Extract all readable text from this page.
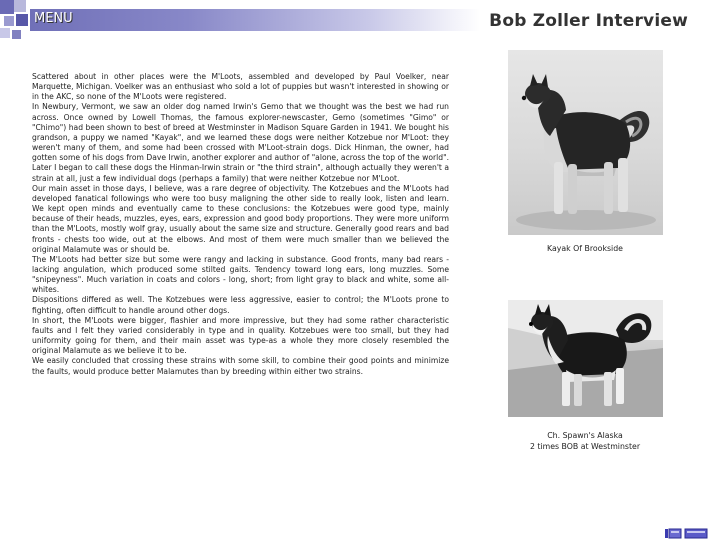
MENU	Bob Zoller Interview

Scattered about in other places were the M'Loots, assembled and developed by Paul Voelker, near Marquette, Michigan. Voelker was an enthusiast who sold a lot of puppies but wasn't interested in showing or in the AKC, so none of the M'Loots were registered.

In Newbury, Vermont, we saw an older dog named Irwin's Gemo that we thought was the best we had run across. Once owned by Lowell Thomas, the famous explorer-newscaster, Gemo (sometimes "Gimo" or "Chimo") had been shown to best of breed at Westminster in Madison Square Garden in 1941. We bought his grandson, a puppy we named "Kayak", and we learned these dogs were neither Kotzebue nor M'Loot: they weren't many of them, and some had been crossed with M'Loot-strain dogs. Dick Hinman, the owner, had gotten some of his dogs from Dave Irwin, another explorer and author of "alone, across the top of the world". Later I began to call these dogs the Hinman-Irwin strain or "the third strain", although actually they weren't a strain at all, just a few individual dogs (perhaps a family) that were neither Kotzebue nor M'Loot.

Our main asset in those days, I believe, was a rare degree of objectivity. The Kotzebues and the M'Loots had developed fanatical followings who were too busy maligning the other side to really look, listen and learn. We kept open minds and eventually came to these conclusions: the Kotzebues were good type, mainly because of their heads, muzzles, eyes, ears, expression and good body proportions. They were more uniform than the M'Loots, mostly wolf gray, usually about the same size and structure. Generally good rears and bad fronts - chests too wide, out at the elbows. And most of them were much smaller than we believed the original Malamute was or should be.

The M'Loots had better size but some were rangy and lacking in substance. Good fronts, many bad rears - lacking angulation, which produced some stilted gaits. Tendency toward long ears, long muzzles. Some "snipeyness". Much variation in coats and colors - long, short; from light gray to black and white, some all-whites.

Dispositions differed as well. The Kotzebues were less aggressive, easier to control; the M'Loots prone to fighting, often difficult to handle around other dogs.

In short, the M'Loots were bigger, flashier and more impressive, but they had some rather characteristic faults and I felt they varied considerably in type and in quality. Kotzebues were too small, but they had uniformity going for them, and their main asset was type-as a whole they more closely resembled the original Malamute as we believe it to be.

We easily concluded that crossing these strains with some skill, to combine their good points and minimize the faults, would produce better Malamutes than by breeding within either two strains.

Kayak Of Brookside
Ch. Spawn's Alaska
2 times BOB at Westminster
